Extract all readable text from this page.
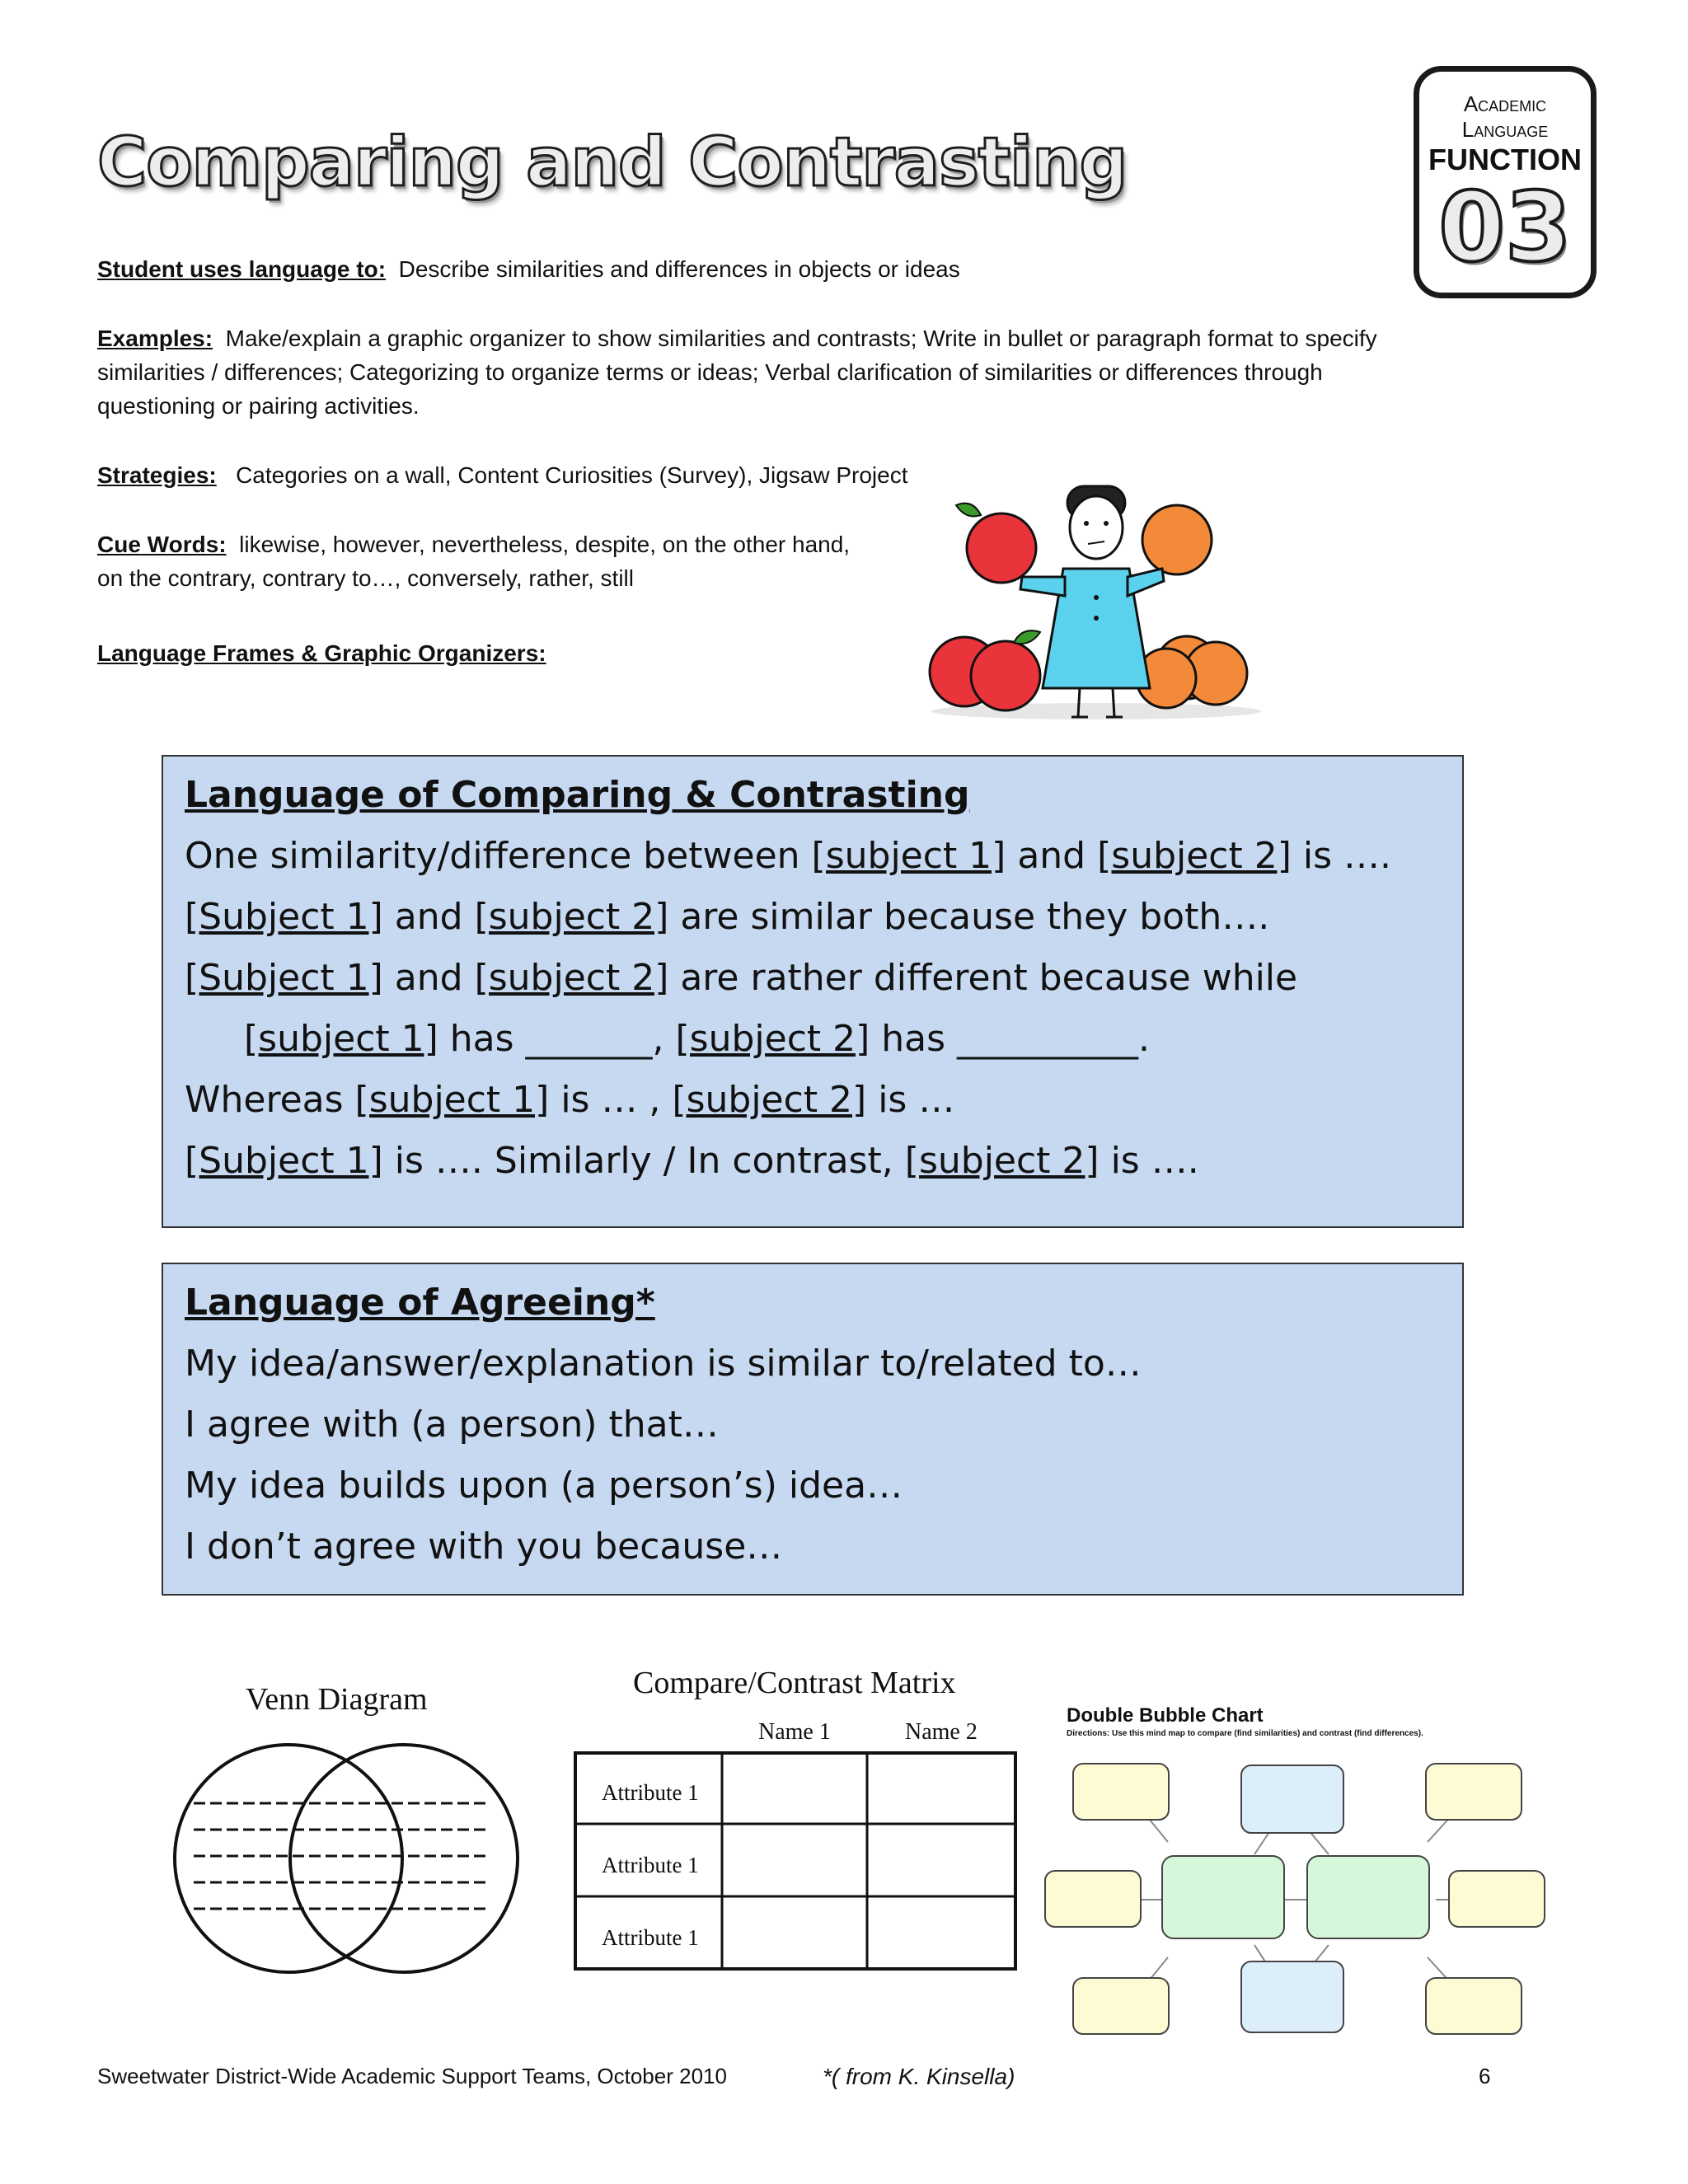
Comparing and Contrasting
Academic
Language
FUNCTION
03
Student uses language to: Describe similarities and differences in objects or ideas
Examples: Make/explain a graphic organizer to show similarities and contrasts; Write in bullet or paragraph format to specify
similarities / differences; Categorizing to organize terms or ideas; Verbal clarification of similarities or differences through
questioning or pairing activities.
Strategies: Categories on a wall, Content Curiosities (Survey), Jigsaw Project
Cue Words: likewise, however, nevertheless, despite, on the other hand,
on the contrary, contrary to…, conversely, rather, still
Language Frames & Graphic Organizers:
Language of Comparing & Contrasting
One similarity/difference between [subject 1] and [subject 2] is ….
[Subject 1] and [subject 2] are similar because they both….
[Subject 1] and [subject 2] are rather different because while
[subject 1] has _______, [subject 2] has __________.
Whereas [subject 1] is … , [subject 2] is …
[Subject 1] is …. Similarly / In contrast, [subject 2] is ….
Language of Agreeing*
My idea/answer/explanation is similar to/related to…
I agree with (a person) that…
My idea builds upon (a person’s) idea…
I don’t agree with you because…
Venn Diagram	Compare/Contrast Matrix
Name 1	Name 2
Attribute 1
Attribute 1
Attribute 1
Double Bubble Chart
Directions: Use this mind map to compare (find similarities) and contrast (find differences).
Sweetwater District-Wide Academic Support Teams, October 2010	*( from K. Kinsella)	6
